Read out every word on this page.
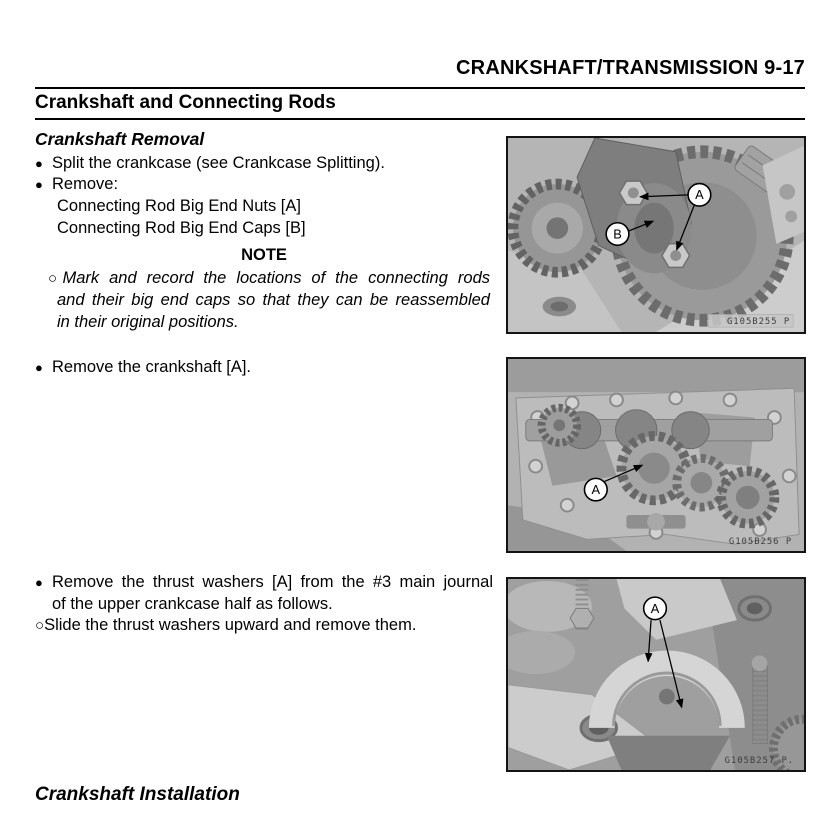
CRANKSHAFT/TRANSMISSION 9-17
Crankshaft and Connecting Rods
Crankshaft Removal
● Split the crankcase (see Crankcase Splitting).
● Remove:
Connecting Rod Big End Nuts [A]
Connecting Rod Big End Caps [B]
NOTE
○Mark and record the locations of the connecting rods
and their big end caps so that they can be reassembled
in their original positions.
● Remove the crankshaft [A].
● Remove the thrust washers [A] from the #3 main journal
of the upper crankcase half as follows.
○Slide the thrust washers upward and remove them.
Crankshaft Installation
A
B
G105B255 P
A
G105B256 P
A
G105B257 P.
